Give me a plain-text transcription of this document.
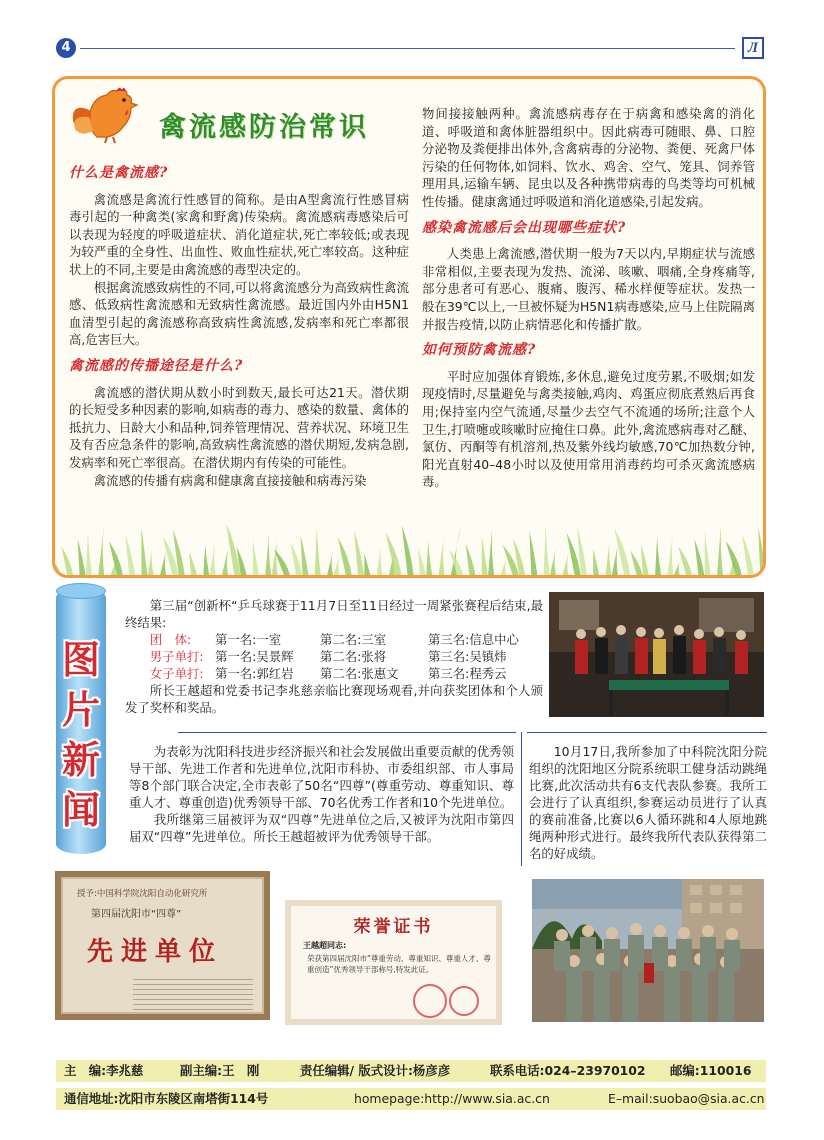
4	Л
禽流感防治常识
什么是禽流感?
禽流感是禽流行性感冒的简称。是由A型禽流行性感冒病毒引起的一种禽类(家禽和野禽)传染病。禽流感病毒感染后可以表现为轻度的呼吸道症状、消化道症状,死亡率较低;或表现为较严重的全身性、出血性、败血性症状,死亡率较高。这种症状上的不同,主要是由禽流感的毒型决定的。
根据禽流感致病性的不同,可以将禽流感分为高致病性禽流感、低致病性禽流感和无致病性禽流感。最近国内外由H5N1血清型引起的禽流感称高致病性禽流感,发病率和死亡率都很高,危害巨大。
禽流感的传播途径是什么?
禽流感的潜伏期从数小时到数天,最长可达21天。潜伏期的长短受多种因素的影响,如病毒的毒力、感染的数量、禽体的抵抗力、日龄大小和品种,饲养管理情况、营养状况、环境卫生及有否应急条件的影响,高致病性禽流感的潜伏期短,发病急剧,发病率和死亡率很高。在潜伏期内有传染的可能性。
禽流感的传播有病禽和健康禽直接接触和病毒污染
物间接接触两种。禽流感病毒存在于病禽和感染禽的消化道、呼吸道和禽体脏器组织中。因此病毒可随眼、鼻、口腔分泌物及粪便排出体外,含禽病毒的分泌物、粪便、死禽尸体污染的任何物体,如饲料、饮水、鸡舍、空气、笼具、饲养管理用具,运输车辆、昆虫以及各种携带病毒的鸟类等均可机械性传播。健康禽通过呼吸道和消化道感染,引起发病。
感染禽流感后会出现哪些症状?
人类患上禽流感,潜伏期一般为7天以内,早期症状与流感非常相似,主要表现为发热、流涕、咳嗽、咽痛,全身疼痛等,部分患者可有恶心、腹痛、腹泻、稀水样便等症状。发热一般在39℃以上,一旦被怀疑为H5N1病毒感染,应马上住院隔离并报告疫情,以防止病情恶化和传播扩散。
如何预防禽流感?
平时应加强体育锻炼,多休息,避免过度劳累,不吸烟;如发现疫情时,尽量避免与禽类接触,鸡肉、鸡蛋应彻底煮熟后再食用;保持室内空气流通,尽量少去空气不流通的场所;注意个人卫生,打喷嚏或咳嗽时应掩住口鼻。此外,禽流感病毒对乙醚、氯仿、丙酮等有机溶剂,热及紫外线均敏感,70℃加热数分钟,阳光直射40–48小时以及使用常用消毒药均可杀灭禽流感病毒。
图
片
新
闻
第三届“创新杯“乒乓球赛于11月7日至11日经过一周紧张赛程后结束,最终结果:
团　体:	第一名:一室	第二名:三室	第三名:信息中心
男子单打: 第一名:吴景辉	第二名:张将	第三名:吴镇炜
女子单打: 第一名:郭红岩	第二名:张惠文	第三名:程秀云
所长王越超和党委书记李兆慈亲临比赛现场观看,并向获奖团体和个人颁发了奖杯和奖品。
为表彰为沈阳科技进步经济振兴和社会发展做出重要贡献的优秀领导干部、先进工作者和先进单位,沈阳市科协、市委组织部、市人事局等8个部门联合决定,全市表彰了50名“四尊”(尊重劳动、尊重知识、尊重人才、尊重创造)优秀领导干部、70名优秀工作者和10个先进单位。
我所继第三届被评为双“四尊”先进单位之后,又被评为沈阳市第四届双“四尊”先进单位。所长王越超被评为优秀领导干部。
10月17日,我所参加了中科院沈阳分院组织的沈阳地区分院系统职工健身活动跳绳比赛,此次活动共有6支代表队参赛。我所工会进行了认真组织,参赛运动员进行了认真的赛前准备,比赛以6人循环跳和4人原地跳绳两种形式进行。最终我所代表队获得第二名的好成绩。
授予:中国科学院沈阳自动化研究所
第四届沈阳市“四尊”
先进单位
荣誉证书
王越超同志:
荣获第四届沈阳市“尊重劳动、尊重知识、尊重人才、尊重创造”优秀领导干部称号,特发此证。
主　编:李兆慈	副主编:王　刚	责任编辑/ 版式设计:杨彦彦	联系电话:024–23970102 邮编:110016
通信地址:沈阳市东陵区南塔街114号	homepage:http://www.sia.ac.cn	E–mail:suobao@sia.ac.cn
